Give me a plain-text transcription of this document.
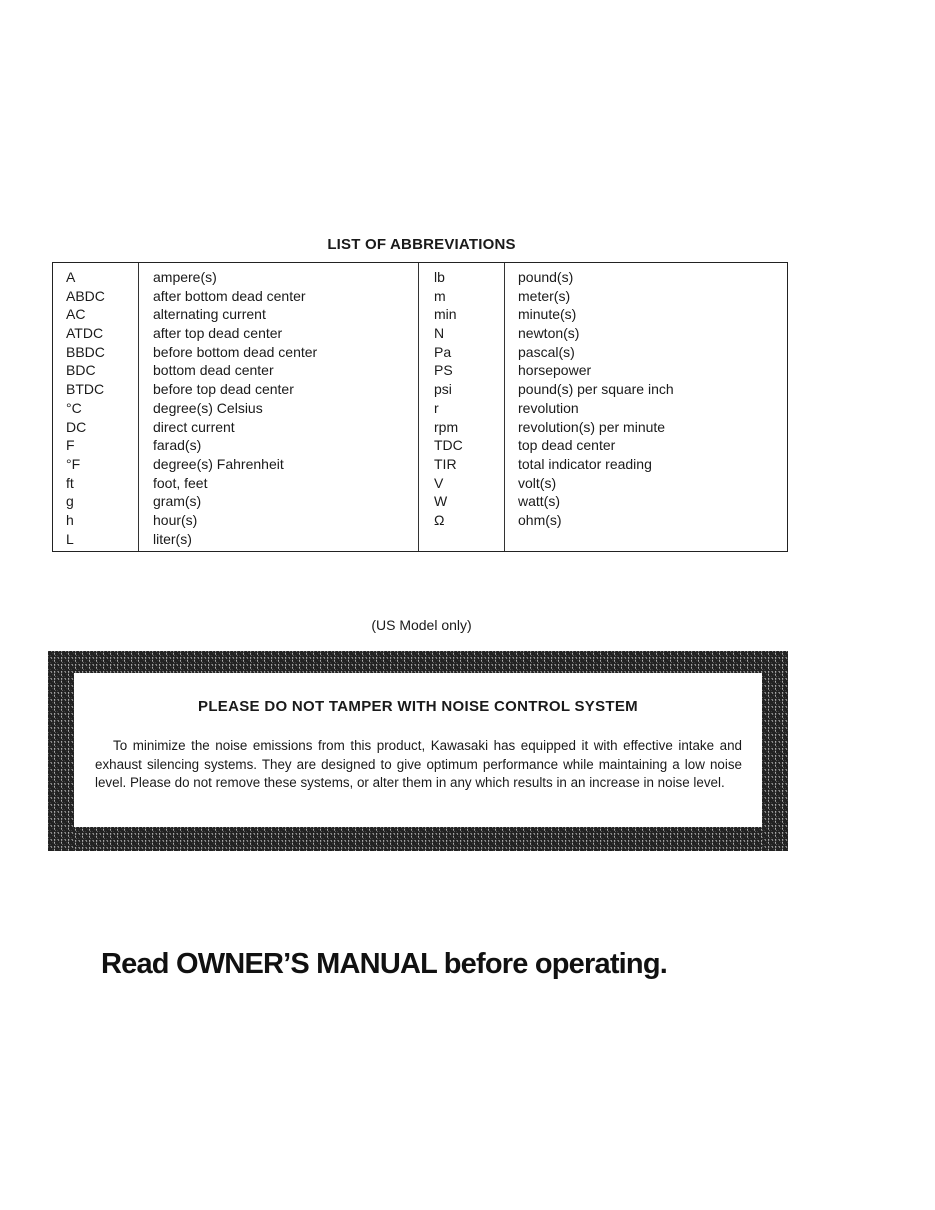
LIST OF ABBREVIATIONS
A
ABDC
AC
ATDC
BBDC
BDC
BTDC
°C
DC
F
°F
ft
g
h
L
ampere(s)
after bottom dead center
alternating current
after top dead center
before bottom dead center
bottom dead center
before top dead center
degree(s) Celsius
direct current
farad(s)
degree(s) Fahrenheit
foot, feet
gram(s)
hour(s)
liter(s)
lb
m
min
N
Pa
PS
psi
r
rpm
TDC
TIR
V
W
Ω
pound(s)
meter(s)
minute(s)
newton(s)
pascal(s)
horsepower
pound(s) per square inch
revolution
revolution(s) per minute
top dead center
total indicator reading
volt(s)
watt(s)
ohm(s)
(US Model only)
PLEASE DO NOT TAMPER WITH NOISE CONTROL SYSTEM
To minimize the noise emissions from this product, Kawasaki has equipped it with effective intake and exhaust silencing systems. They are designed to give optimum performance while maintaining a low noise level. Please do not remove these systems, or alter them in any which results in an increase in noise level.
Read OWNER’S MANUAL before operating.
